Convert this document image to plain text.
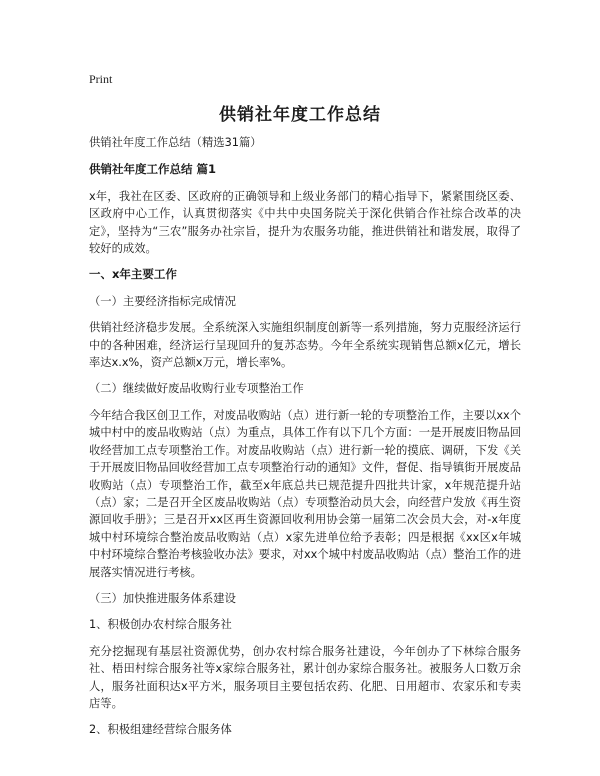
Print
供销社年度工作总结

供销社年度工作总结（精选31篇）

供销社年度工作总结 篇1

x年，我社在区委、区政府的正确领导和上级业务部门的精心指导下，紧紧围绕区委、区政府中心工作，认真贯彻落实《中共中央国务院关于深化供销合作社综合改革的决定》，坚持为“三农”服务办社宗旨，提升为农服务功能，推进供销社和谐发展，取得了较好的成效。

一、x年主要工作

（一）主要经济指标完成情况

供销社经济稳步发展。全系统深入实施组织制度创新等一系列措施，努力克服经济运行中的各种困难，经济运行呈现回升的复苏态势。今年全系统实现销售总额x亿元，增长率达x.x%，资产总额x万元，增长率%。

（二）继续做好废品收购行业专项整治工作

今年结合我区创卫工作，对废品收购站（点）进行新一轮的专项整治工作，主要以xx个城中村中的废品收购站（点）为重点，具体工作有以下几个方面：一是开展废旧物品回收经营加工点专项整治工作。对废品收购站（点）进行新一轮的摸底、调研，下发《关于开展废旧物品回收经营加工点专项整治行动的通知》文件，督促、指导镇街开展废品收购站（点）专项整治工作，截至x年底总共已规范提升四批共计家，x年规范提升站（点）家；二是召开全区废品收购站（点）专项整治动员大会，向经营户发放《再生资源回收手册》；三是召开xx区再生资源回收利用协会第一届第二次会员大会，对-x年度城中村环境综合整治废品收购站（点）x家先进单位给予表彰；四是根据《xx区x年城中村环境综合整治考核验收办法》要求，对xx个城中村废品收购站（点）整治工作的进展落实情况进行考核。

（三）加快推进服务体系建设

1、积极创办农村综合服务社

充分挖掘现有基层社资源优势，创办农村综合服务社建设，今年创办了下林综合服务社、梧田村综合服务社等x家综合服务社，累计创办家综合服务社。被服务人口数万余人，服务社面积达x平方米，服务项目主要包括农药、化肥、日用超市、农家乐和专卖店等。

2、积极组建经营综合服务体
